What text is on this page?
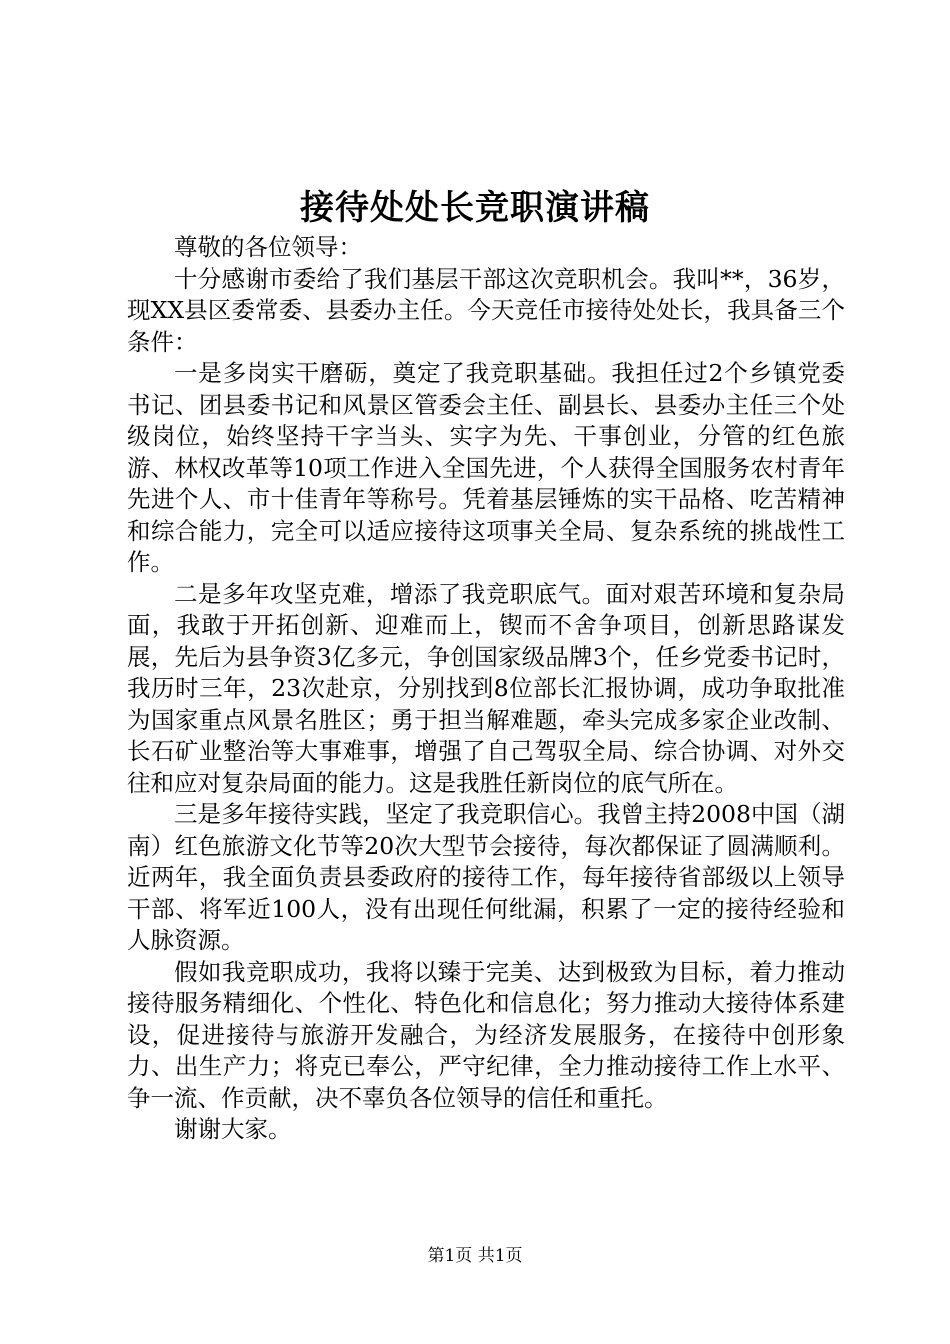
接待处处长竞职演讲稿

尊敬的各位领导：

十分感谢市委给了我们基层干部这次竞职机会。我叫**，36岁，现XX县区委常委、县委办主任。今天竞任市接待处处长，我具备三个条件：

一是多岗实干磨砺，奠定了我竞职基础。我担任过2个乡镇党委书记、团县委书记和风景区管委会主任、副县长、县委办主任三个处级岗位，始终坚持干字当头、实字为先、干事创业，分管的红色旅游、林权改革等10项工作进入全国先进，个人获得全国服务农村青年先进个人、市十佳青年等称号。凭着基层锤炼的实干品格、吃苦精神和综合能力，完全可以适应接待这项事关全局、复杂系统的挑战性工作。

二是多年攻坚克难，增添了我竞职底气。面对艰苦环境和复杂局面，我敢于开拓创新、迎难而上，锲而不舍争项目，创新思路谋发展，先后为县争资3亿多元，争创国家级品牌3个，任乡党委书记时，我历时三年，23次赴京，分别找到8位部长汇报协调，成功争取批准为国家重点风景名胜区；勇于担当解难题，牵头完成多家企业改制、长石矿业整治等大事难事，增强了自己驾驭全局、综合协调、对外交往和应对复杂局面的能力。这是我胜任新岗位的底气所在。

三是多年接待实践，坚定了我竞职信心。我曾主持2008中国（湖南）红色旅游文化节等20次大型节会接待，每次都保证了圆满顺利。近两年，我全面负责县委政府的接待工作，每年接待省部级以上领导干部、将军近100人，没有出现任何纰漏，积累了一定的接待经验和人脉资源。

假如我竞职成功，我将以臻于完美、达到极致为目标，着力推动接待服务精细化、个性化、特色化和信息化；努力推动大接待体系建设，促进接待与旅游开发融合，为经济发展服务，在接待中创形象力、出生产力；将克已奉公，严守纪律，全力推动接待工作上水平、争一流、作贡献，决不辜负各位领导的信任和重托。

谢谢大家。

第1页 共1页
